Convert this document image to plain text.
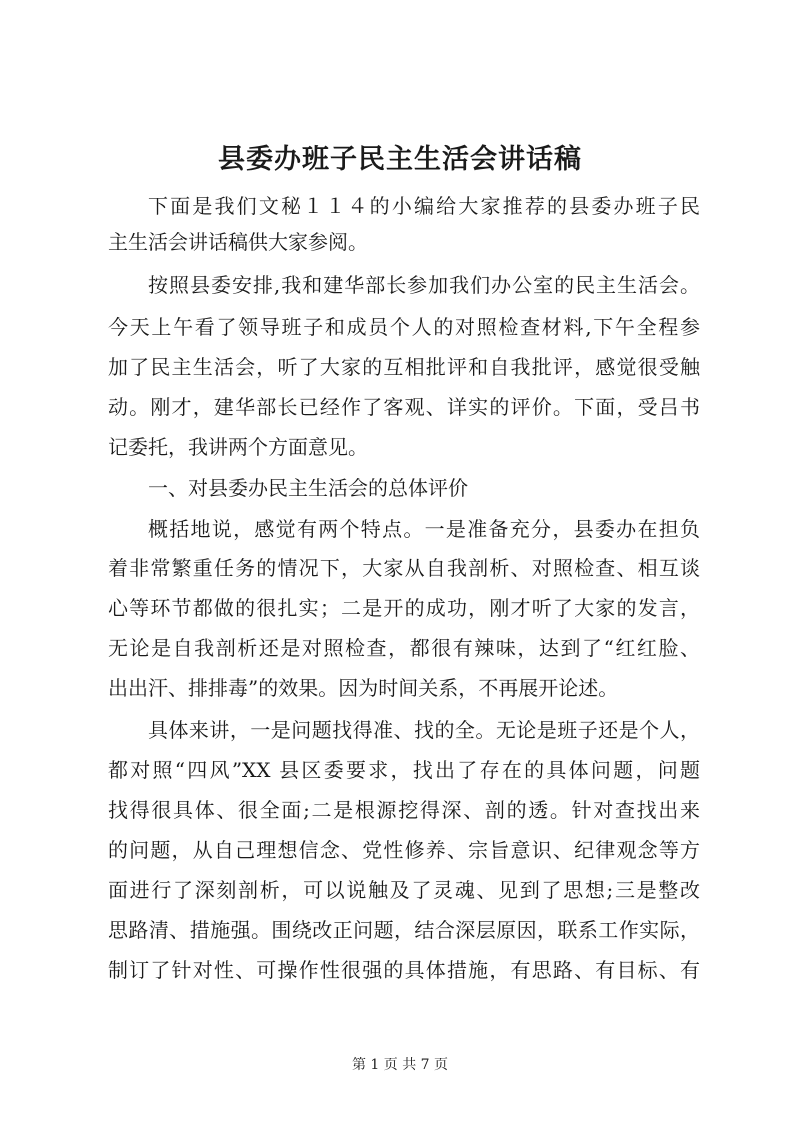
县委办班子民主生活会讲话稿

下面是我们文秘１１４的小编给大家推荐的县委办班子民

主生活会讲话稿供大家参阅。

按照县委安排,我和建华部长参加我们办公室的民主生活会。

今天上午看了领导班子和成员个人的对照检查材料,下午全程参

加了民主生活会，听了大家的互相批评和自我批评，感觉很受触

动。刚才，建华部长已经作了客观、详实的评价。下面，受吕书

记委托，我讲两个方面意见。

一、对县委办民主生活会的总体评价

概括地说，感觉有两个特点。一是准备充分，县委办在担负

着非常繁重任务的情况下，大家从自我剖析、对照检查、相互谈

心等环节都做的很扎实；二是开的成功，刚才听了大家的发言，

无论是自我剖析还是对照检查，都很有辣味，达到了“红红脸、

出出汗、排排毒”的效果。因为时间关系，不再展开论述。

具体来讲，一是问题找得准、找的全。无论是班子还是个人，

都对照“四风”XX 县区委要求，找出了存在的具体问题，问题

找得很具体、很全面;二是根源挖得深、剖的透。针对查找出来

的问题，从自己理想信念、党性修养、宗旨意识、纪律观念等方

面进行了深刻剖析，可以说触及了灵魂、见到了思想;三是整改

思路清、措施强。围绕改正问题，结合深层原因，联系工作实际，

制订了针对性、可操作性很强的具体措施，有思路、有目标、有

第 1 页 共 7 页
